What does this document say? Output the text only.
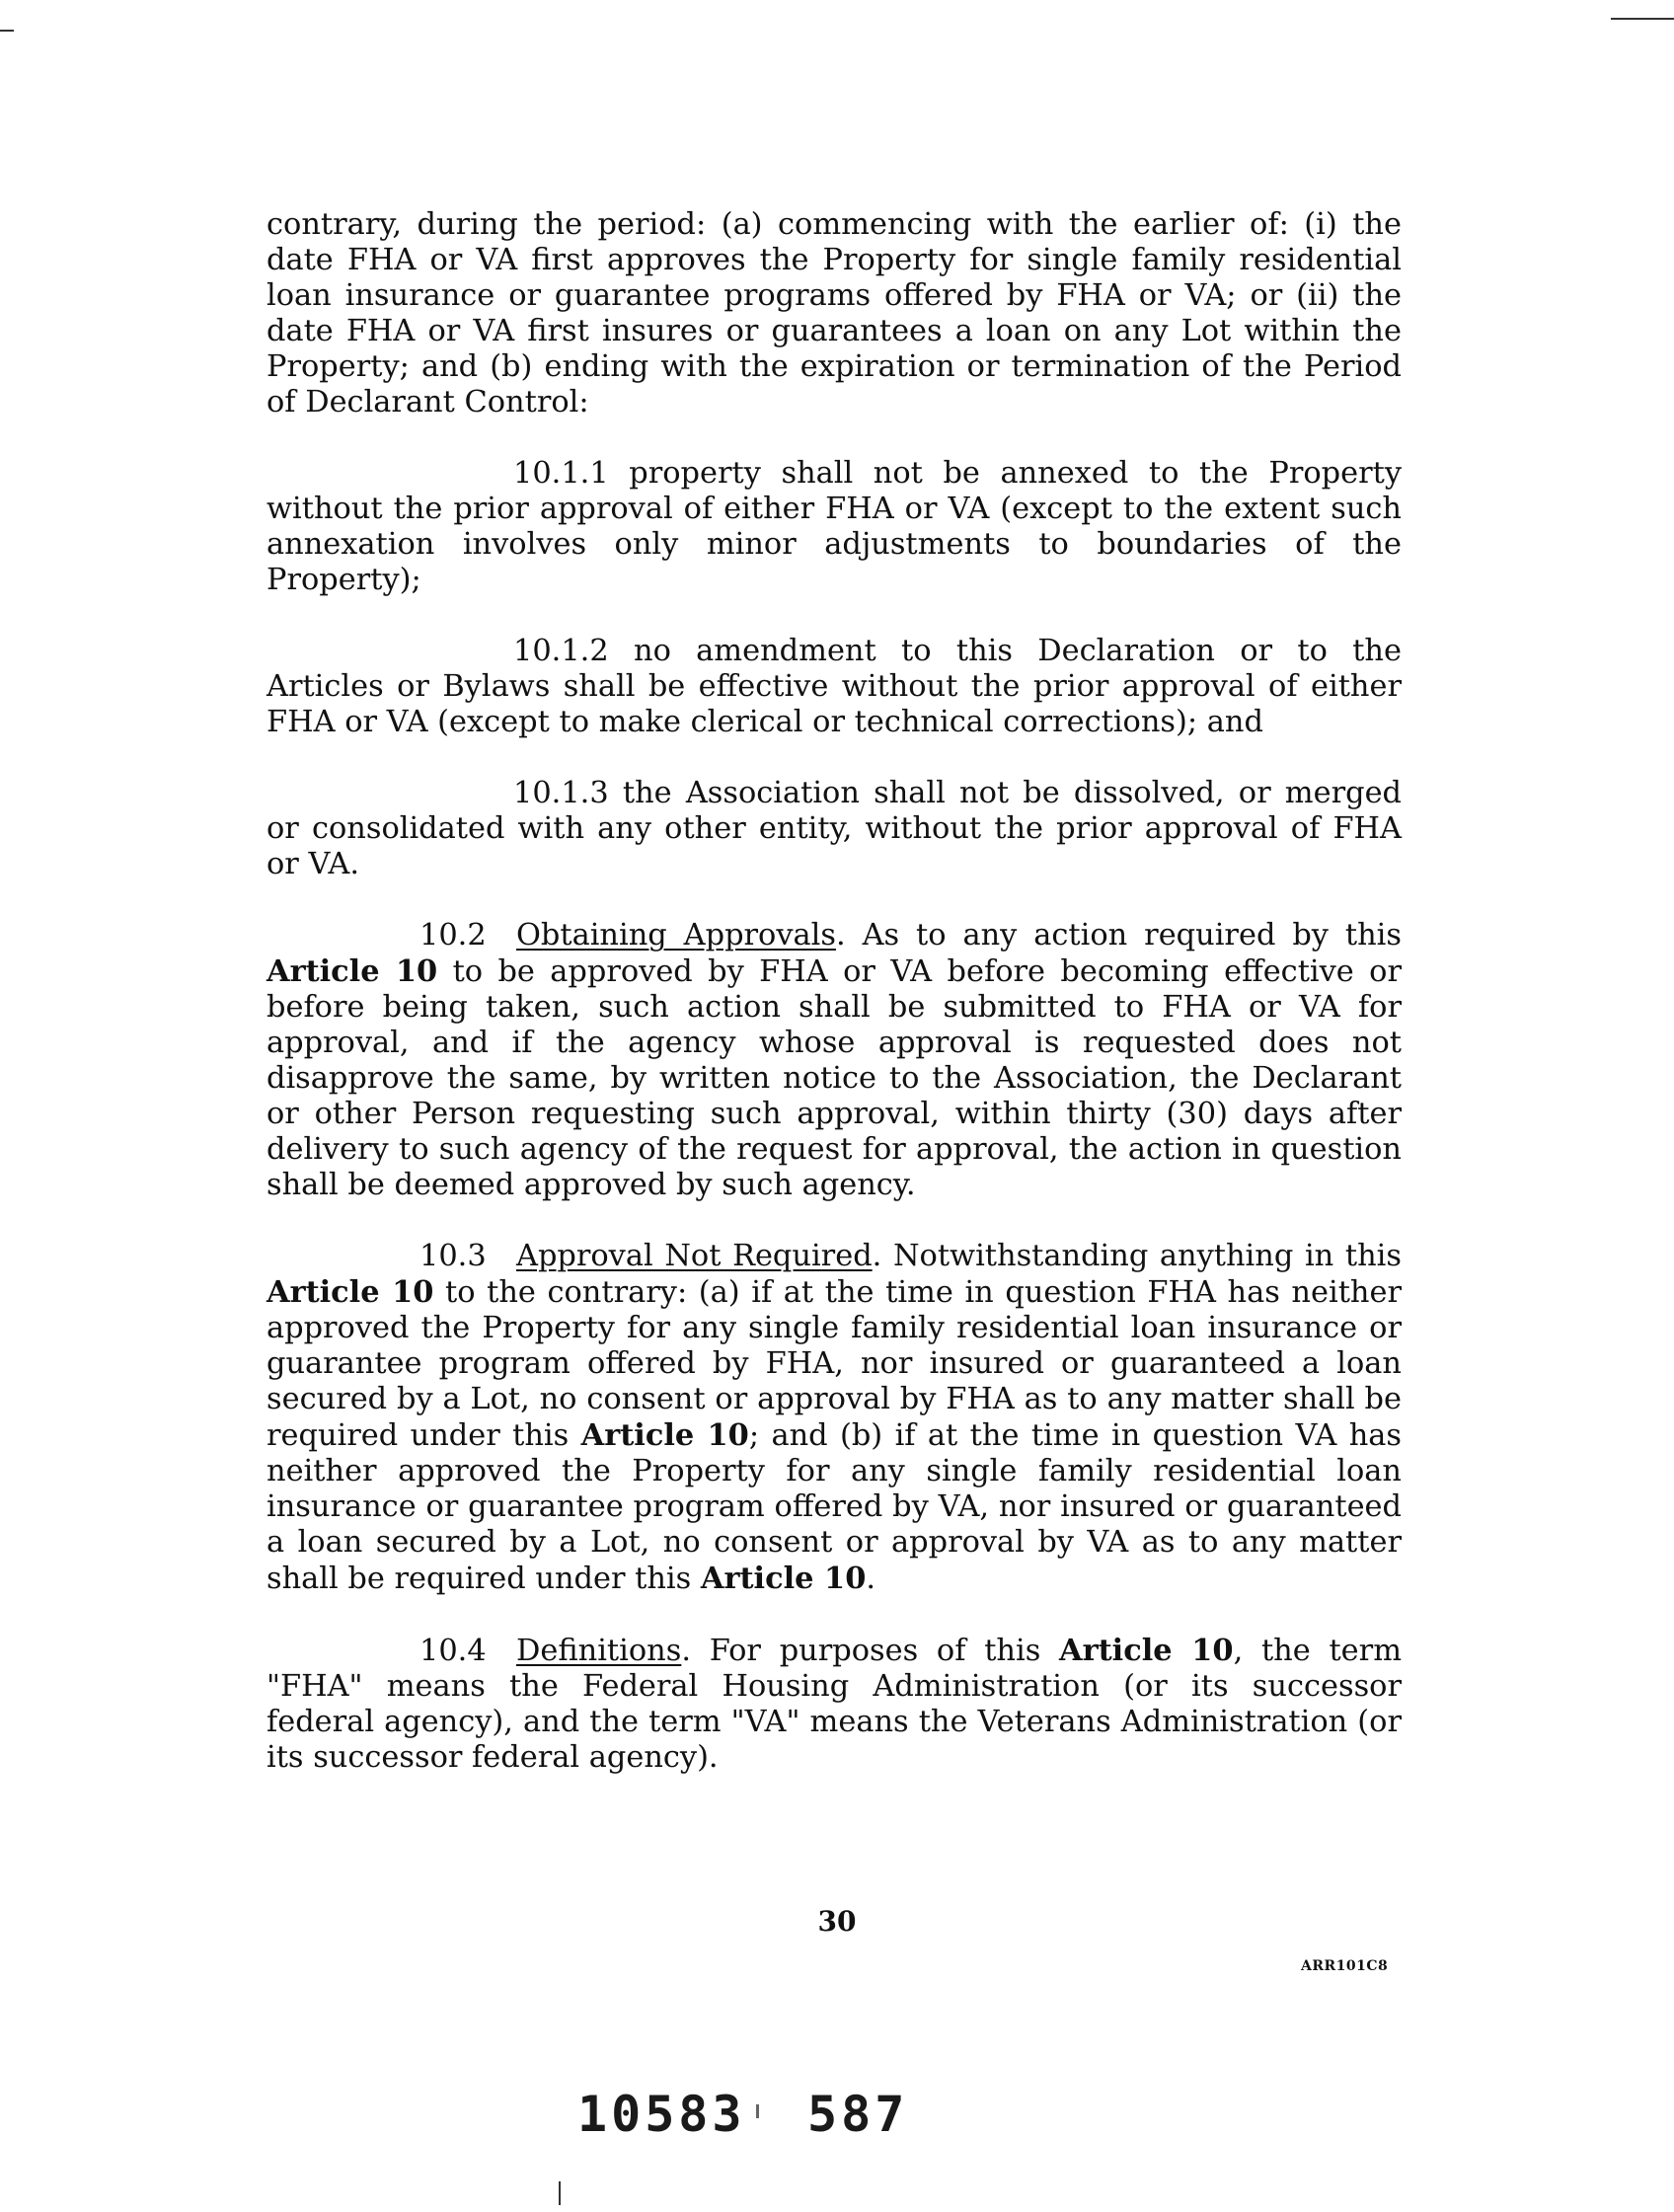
contrary, during the period: (a) commencing with the earlier of: (i) the date FHA or VA first approves the Property for single family residential loan insurance or guarantee programs offered by FHA or VA; or (ii) the date FHA or VA first insures or guarantees a loan on any Lot within the Property; and (b) ending with the expiration or termination of the Period of Declarant Control:

10.1.1 property shall not be annexed to the Property without the prior approval of either FHA or VA (except to the extent such annexation involves only minor adjustments to boundaries of the Property);

10.1.2 no amendment to this Declaration or to the Articles or Bylaws shall be effective without the prior approval of either FHA or VA (except to make clerical or technical corrections); and

10.1.3 the Association shall not be dissolved, or merged or consolidated with any other entity, without the prior approval of FHA or VA.

10.2 Obtaining Approvals. As to any action required by this Article 10 to be approved by FHA or VA before becoming effective or before being taken, such action shall be submitted to FHA or VA for approval, and if the agency whose approval is requested does not disapprove the same, by written notice to the Association, the Declarant or other Person requesting such approval, within thirty (30) days after delivery to such agency of the request for approval, the action in question shall be deemed approved by such agency.

10.3 Approval Not Required. Notwithstanding anything in this Article 10 to the contrary: (a) if at the time in question FHA has neither approved the Property for any single family residential loan insurance or guarantee program offered by FHA, nor insured or guaranteed a loan secured by a Lot, no consent or approval by FHA as to any matter shall be required under this Article 10; and (b) if at the time in question VA has neither approved the Property for any single family residential loan insurance or guarantee program offered by VA, nor insured or guaranteed a loan secured by a Lot, no consent or approval by VA as to any matter shall be required under this Article 10.

10.4 Definitions. For purposes of this Article 10, the term "FHA" means the Federal Housing Administration (or its successor federal agency), and the term "VA" means the Veterans Administration (or its successor federal agency).

30
ARR101C8
10583 587
